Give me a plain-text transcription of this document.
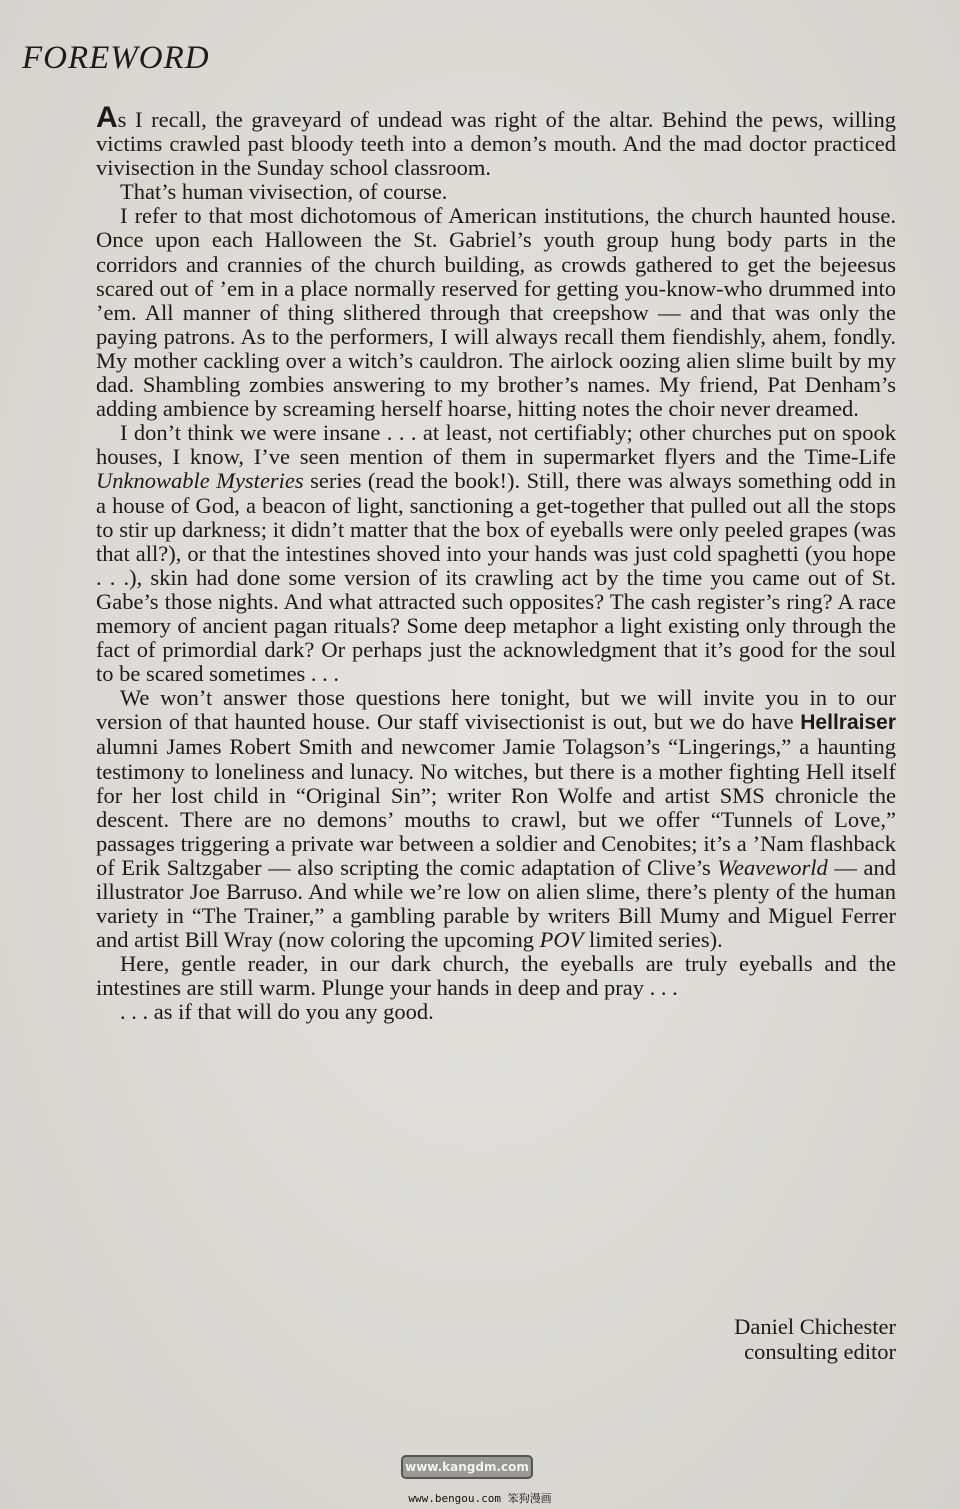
FOREWORD

As I recall, the graveyard of undead was right of the altar. Behind the pews, willing victims crawled past bloody teeth into a demon’s mouth. And the mad doctor practiced vivisection in the Sunday school classroom.

That’s human vivisection, of course.

I refer to that most dichotomous of American institutions, the church haunted house. Once upon each Halloween the St. Gabriel’s youth group hung body parts in the corridors and crannies of the church building, as crowds gathered to get the bejeesus scared out of ’em in a place normally reserved for getting you-know-who drummed into ’em. All manner of thing slithered through that creepshow — and that was only the paying patrons. As to the performers, I will always recall them fiendishly, ahem, fondly. My mother cackling over a witch’s cauldron. The airlock oozing alien slime built by my dad. Shambling zombies answering to my brother’s names. My friend, Pat Denham’s adding ambience by screaming herself hoarse, hitting notes the choir never dreamed.

I don’t think we were insane . . . at least, not certifiably; other churches put on spook houses, I know, I’ve seen mention of them in supermarket flyers and the Time-Life Unknowable Mysteries series (read the book!). Still, there was always something odd in a house of God, a beacon of light, sanctioning a get-together that pulled out all the stops to stir up darkness; it didn’t matter that the box of eyeballs were only peeled grapes (was that all?), or that the intestines shoved into your hands was just cold spaghetti (you hope . . .), skin had done some version of its crawling act by the time you came out of St. Gabe’s those nights. And what attracted such opposites? The cash register’s ring? A race memory of ancient pagan rituals? Some deep metaphor a light existing only through the fact of primordial dark? Or perhaps just the acknowledgment that it’s good for the soul to be scared sometimes . . .

We won’t answer those questions here tonight, but we will invite you in to our version of that haunted house. Our staff vivisectionist is out, but we do have Hellraiser alumni James Robert Smith and newcomer Jamie Tolagson’s “Lingerings,” a haunting testimony to loneliness and lunacy. No witches, but there is a mother fighting Hell itself for her lost child in “Original Sin”; writer Ron Wolfe and artist SMS chronicle the descent. There are no demons’ mouths to crawl, but we offer “Tunnels of Love,” passages triggering a private war between a soldier and Cenobites; it’s a ’Nam flashback of Erik Saltzgaber — also scripting the comic adaptation of Clive’s Weaveworld — and illustrator Joe Barruso. And while we’re low on alien slime, there’s plenty of the human variety in “The Trainer,” a gambling parable by writers Bill Mumy and Miguel Ferrer and artist Bill Wray (now coloring the upcoming POV limited series).

Here, gentle reader, in our dark church, the eyeballs are truly eyeballs and the intestines are still warm. Plunge your hands in deep and pray . . .

. . . as if that will do you any good.

Daniel Chichester
consulting editor
www.kangdm.com
www.bengou.com 笨狗漫画
